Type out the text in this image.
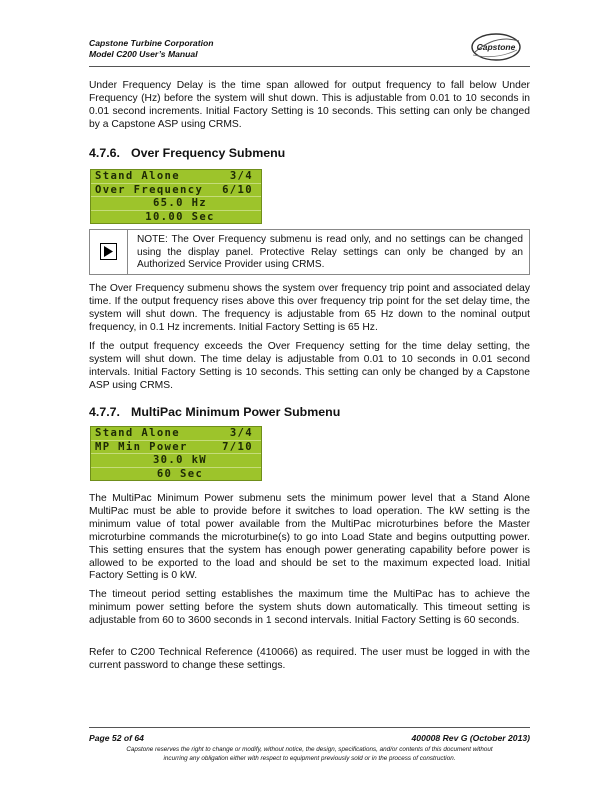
Capstone Turbine Corporation
Model C200 User’s Manual
Capstone

Under Frequency Delay is the time span allowed for output frequency to fall below Under Frequency (Hz) before the system will shut down. This is adjustable from 0.01 to 10 seconds in 0.01 second increments. Initial Factory Setting is 10 seconds. This setting can only be changed by a Capstone ASP using CRMS.

4.7.6. Over Frequency Submenu
Stand Alone	3/4
Over Frequency 6/10
65.0 Hz
10.00 Sec
NOTE: The Over Frequency submenu is read only, and no settings can be changed using the display panel. Protective Relay settings can only be changed by an Authorized Service Provider using CRMS.

The Over Frequency submenu shows the system over frequency trip point and associated delay time. If the output frequency rises above this over frequency trip point for the set delay time, the system will shut down. The frequency is adjustable from 65 Hz down to the nominal output frequency, in 0.1 Hz increments. Initial Factory Setting is 65 Hz.

If the output frequency exceeds the Over Frequency setting for the time delay setting, the system will shut down. The time delay is adjustable from 0.01 to 10 seconds in 0.01 second intervals. Initial Factory Setting is 10 seconds. This setting can only be changed by a Capstone ASP using CRMS.

4.7.7. MultiPac Minimum Power Submenu
Stand Alone	3/4
MP Min Power	7/10
30.0 kW
60 Sec

The MultiPac Minimum Power submenu sets the minimum power level that a Stand Alone MultiPac must be able to provide before it switches to load operation. The kW setting is the minimum value of total power available from the MultiPac microturbines before the Master microturbine commands the microturbine(s) to go into Load State and begins outputting power. This setting ensures that the system has enough power generating capability before power is allowed to be exported to the load and should be set to the maximum expected load. Initial Factory Setting is 0 kW.

The timeout period setting establishes the maximum time the MultiPac has to achieve the minimum power setting before the system shuts down automatically. This timeout setting is adjustable from 60 to 3600 seconds in 1 second intervals. Initial Factory Setting is 60 seconds.

Refer to C200 Technical Reference (410066) as required. The user must be logged in with the current password to change these settings.

Page 52 of 64	400008 Rev G (October 2013)
Capstone reserves the right to change or modify, without notice, the design, specifications, and/or contents of this document without
incurring any obligation either with respect to equipment previously sold or in the process of construction.
